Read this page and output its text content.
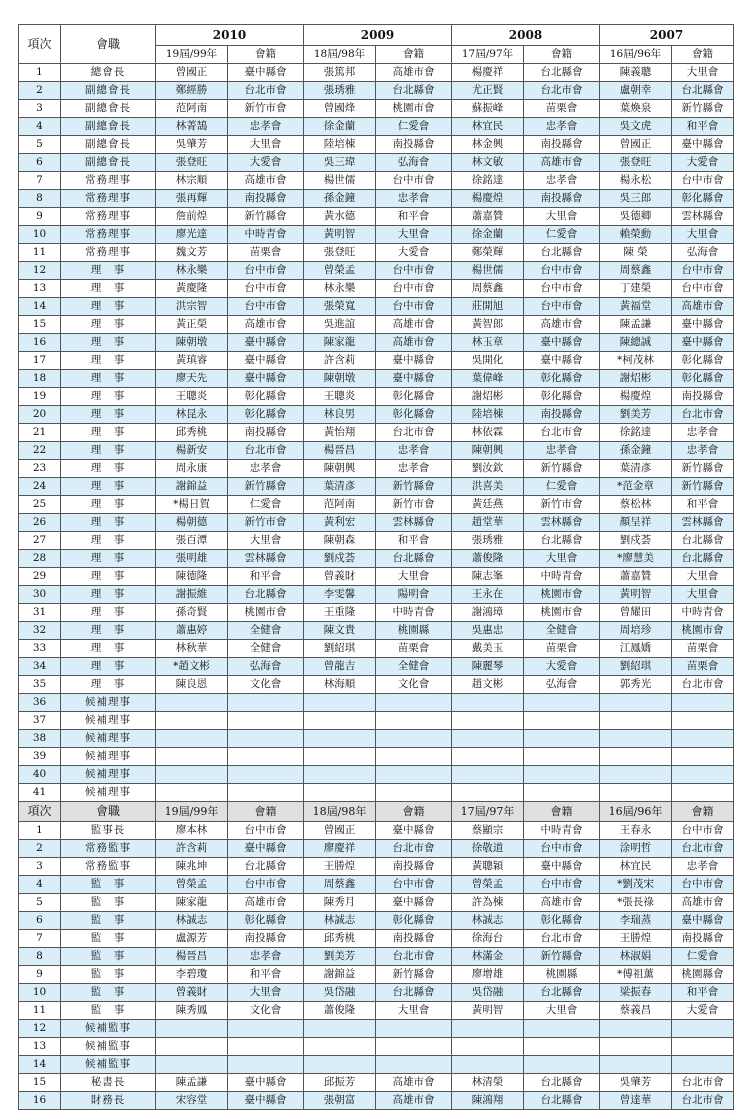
項次	會職	2010		2009		2008		2007	
		19屆/99年	會籍	18屆/98年	會籍	17屆/97年	會籍	16屆/96年	會籍
1	總會長	曾國正	臺中縣會	張篤邦	高雄市會	楊慶祥	台北縣會	陳義聰	大里會
2	副總會長	鄭經勝	台北市會	張琇雅	台北縣會	尤正賢	台北市會	盧朝幸	台北縣會
3	副總會長	范阿南	新竹市會	曾國烽	桃園市會	蘇振峰	苗栗會	葉煥泉	新竹縣會
4	副總會長	林菁鵠	忠孝會	徐金蘭	仁愛會	林宜民	忠孝會	吳文虎	和平會
5	副總會長	吳肇芳	大里會	陸培棟	南投縣會	林金興	南投縣會	曾國正	臺中縣會
6	副總會長	張登旺	大愛會	吳三瑋	弘海會	林文敏	高雄市會	張登旺	大愛會
7	常務理事	林宗順	高雄市會	楊世儒	台中市會	徐銘達	忠孝會	楊永松	台中市會
8	常務理事	張再輝	南投縣會	孫金鐘	忠孝會	楊慶煌	南投縣會	吳三郎	彰化縣會
9	常務理事	詹前煌	新竹縣會	黃水德	和平會	蕭嘉贊	大里會	吳德卿	雲林縣會
10	常務理事	廖光達	中時青會	黃明智	大里會	徐金蘭	仁愛會	賴榮勳	大里會
11	常務理事	魏文芳	苗栗會	張登旺	大愛會	鄭榮輝	台北縣會	陳 榮	弘海會
12	理　事	林永樂	台中市會	曾榮孟	台中市會	楊世儒	台中市會	周蔡鑫	台中市會
13	理　事	黃慶隆	台中市會	林永樂	台中市會	周蔡鑫	台中市會	丁建榮	台中市會
14	理　事	洪宗智	台中市會	張榮寬	台中市會	莊開旭	台中市會	黃福堂	高雄市會
15	理　事	黃正榮	高雄市會	吳進誼	高雄市會	黃智郎	高雄市會	陳孟謙	臺中縣會
16	理　事	陳朝墩	臺中縣會	陳家龍	高雄市會	林玉章	臺中縣會	陳總誠	臺中縣會
17	理　事	黃瑱睿	臺中縣會	許含莉	臺中縣會	吳開化	臺中縣會	*柯茂林	彰化縣會
18	理　事	廖天先	臺中縣會	陳朝墩	臺中縣會	葉偉峰	彰化縣會	謝炤彬	彰化縣會
19	理　事	王聰炎	彰化縣會	王聰炎	彰化縣會	謝炤彬	彰化縣會	楊慶煌	南投縣會
20	理　事	林昆永	彰化縣會	林良男	彰化縣會	陸培棟	南投縣會	劉美芳	台北市會
21	理　事	邱秀桃	南投縣會	黃怡翔	台北市會	林依霖	台北市會	徐銘達	忠孝會
22	理　事	楊新安	台北市會	楊晉昌	忠孝會	陳朝興	忠孝會	孫金鐘	忠孝會
23	理　事	周永康	忠孝會	陳朝興	忠孝會	劉汝欽	新竹縣會	葉清彥	新竹縣會
24	理　事	謝錦益	新竹縣會	葉清彥	新竹縣會	洪喜美	仁愛會	*范金章	新竹縣會
25	理　事	*楊日賀	仁愛會	范阿南	新竹市會	黃廷燕	新竹市會	蔡松林	和平會
26	理　事	楊朝德	新竹市會	黃利宏	雲林縣會	趙堂華	雲林縣會	顏呈祥	雲林縣會
27	理　事	張百潭	大里會	陳朝森	和平會	張琇雅	台北縣會	劉戍荟	台北縣會
28	理　事	張明雄	雲林縣會	劉戍荟	台北縣會	蕭俊隆	大里會	*廖慧美	台北縣會
29	理　事	陳德隆	和平會	曾義財	大里會	陳志峯	中時青會	蕭嘉贊	大里會
30	理　事	謝振維	台北縣會	李雯馨	陽明會	王永在	桃園市會	黃明智	大里會
31	理　事	孫奇賢	桃園市會	王重隆	中時青會	謝鴻璋	桃園市會	曾耀田	中時青會
32	理　事	蕭惠婷	全健會	陳文貴	桃園縣	吳惠忠	全健會	周培珍	桃園市會
33	理　事	林秋華	全健會	劉紹琪	苗栗會	戴美玉	苗栗會	江鳳嬌	苗栗會
34	理　事	*趙文彬	弘海會	曾龍吉	全健會	陳麗琴	大愛會	劉紹琪	苗栗會
35	理　事	陳良恩	文化會	林海順	文化會	趙文彬	弘海會	郭秀光	台北市會
36	候補理事								
37	候補理事								
38	候補理事								
39	候補理事								
40	候補理事								
41	候補理事								
項次	會職	19屆/99年	會籍	18屆/98年	會籍	17屆/97年	會籍	16屆/96年	會籍
1	監事長	廖本林	台中市會	曾國正	臺中縣會	蔡顯宗	中時青會	王春永	台中市會
2	常務監事	許含莉	臺中縣會	廖慶祥	台北市會	徐敬道	台中市會	涂明哲	台北市會
3	常務監事	陳兆坤	台北縣會	王勝煌	南投縣會	黃聰穎	臺中縣會	林宜民	忠孝會
4	監　事	曾榮孟	台中市會	周蔡鑫	台中市會	曾榮孟	台中市會	*劉茂宋	台中市會
5	監　事	陳家龍	高雄市會	陳秀月	臺中縣會	許為棟	高雄市會	*張長祿	高雄市會
6	監　事	林誠志	彰化縣會	林誠志	彰化縣會	林誠志	彰化縣會	李瑞蒸	臺中縣會
7	監　事	盧源芳	南投縣會	邱秀桃	南投縣會	徐海台	台北市會	王勝煌	南投縣會
8	監　事	楊晉昌	忠孝會	劉美芳	台北市會	林滿金	新竹縣會	林淑娟	仁愛會
9	監　事	李碧瓊	和平會	謝錦益	新竹縣會	廖增雄	桃園縣	*傅祖薰	桃園縣會
10	監　事	曾義財	大里會	吳岱融	台北縣會	吳岱融	台北縣會	梁振春	和平會
11	監　事	陳秀鳳	文化會	蕭俊隆	大里會	黃明智	大里會	蔡義昌	大愛會
12	候補監事								
13	候補監事								
14	候補監事								
15	秘書長	陳孟謙	臺中縣會	邱振芳	高雄市會	林清榮	台北縣會	吳肇芳	台北市會
16	財務長	宋容堂	臺中縣會	張朝富	高雄市會	陳鴻翔	台北縣會	曾達華	台北市會
